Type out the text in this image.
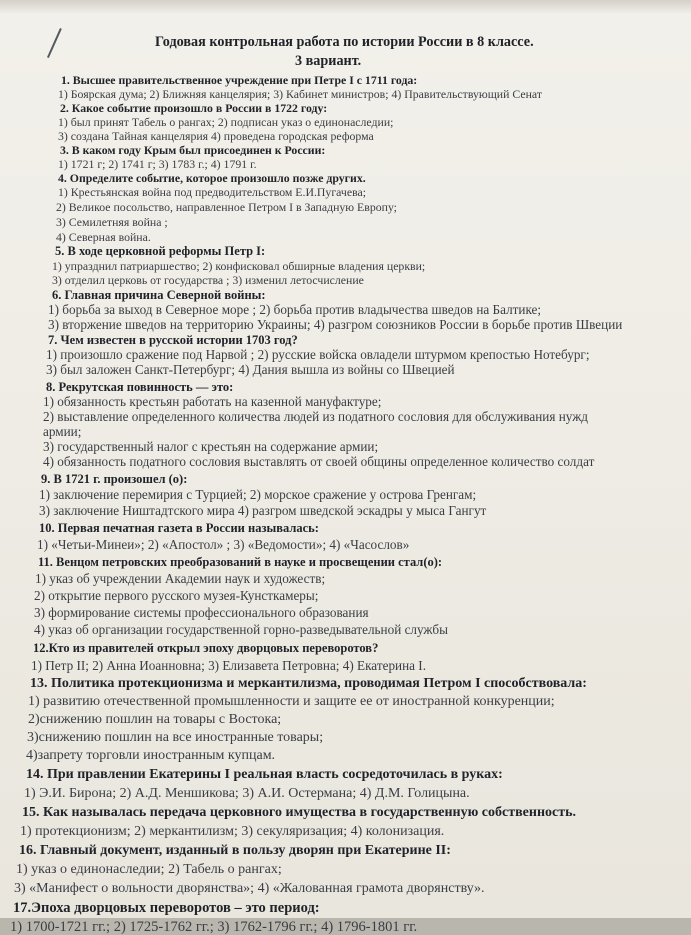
Годовая контрольная работа по истории России в 8 классе.
3 вариант.
1. Высшее правительственное учреждение при Петре I с 1711 года:
1) Боярская дума; 2) Ближняя канцелярия; 3) Кабинет министров; 4) Правительствующий Сенат
2. Какое событие произошло в России в 1722 году:
1) был принят Табель о рангах; 2) подписан указ о единонаследии;
3) создана Тайная канцелярия 4) проведена городская реформа
3. В каком году Крым был присоединен к России:
1) 1721 г; 2) 1741 г; 3) 1783 г.; 4) 1791 г.
4. Определите событие, которое произошло позже других.
1) Крестьянская война под предводительством Е.И.Пугачева;
2) Великое посольство, направленное Петром I в Западную Европу;
3) Семилетняя война ;
4) Северная война.
5. В ходе церковной реформы Петр I:
1) упразднил патриаршество; 2) конфисковал обширные владения церкви;
3) отделил церковь от государства ; 3) изменил летосчисление
6. Главная причина Северной войны:
1) борьба за выход в Северное море ; 2) борьба против владычества шведов на Балтике;
3) вторжение шведов на территорию Украины; 4) разгром союзников России в борьбе против Швеции
7. Чем известен в русской истории 1703 год?
1) произошло сражение под Нарвой ; 2) русские войска овладели штурмом крепостью Нотебург;
3) был заложен Санкт-Петербург; 4) Дания вышла из войны со Швецией
8. Рекрутская повинность — это:
1) обязанность крестьян работать на казенной мануфактуре;
2) выставление определенного количества людей из податного сословия для обслуживания нужд
армии;
3) государственный налог с крестьян на содержание армии;
4) обязанность податного сословия выставлять от своей общины определенное количество солдат
9. В 1721 г. произошел (о):
1) заключение перемирия с Турцией; 2) морское сражение у острова Гренгам;
3) заключение Ништадтского мира 4) разгром шведской эскадры у мыса Гангут
10. Первая печатная газета в России называлась:
1) «Четьи-Минеи»; 2) «Апостол» ; 3) «Ведомости»; 4) «Часослов»
11. Венцом петровских преобразований в науке и просвещении стал(о):
1) указ об учреждении Академии наук и художеств;
2) открытие первого русского музея-Кунсткамеры;
3) формирование системы профессионального образования
4) указ об организации государственной горно-разведывательной службы
12.Кто из правителей открыл эпоху дворцовых переворотов?
1) Петр II; 2) Анна Иоанновна; 3) Елизавета Петровна; 4) Екатерина I.
13. Политика протекционизма и меркантилизма, проводимая Петром I способствовала:
1) развитию отечественной промышленности и защите ее от иностранной конкуренции;
2)снижению пошлин на товары с Востока;
3)снижению пошлин на все иностранные товары;
4)запрету торговли иностранным купцам.
14. При правлении Екатерины I реальная власть сосредоточилась в руках:
1) Э.И. Бирона; 2) А.Д. Меншикова; 3) А.И. Остермана; 4) Д.М. Голицына.
15. Как называлась передача церковного имущества в государственную собственность.
1) протекционизм; 2) меркантилизм; 3) секуляризация; 4) колонизация.
16. Главный документ, изданный в пользу дворян при Екатерине II:
1) указ о единонаследии; 2) Табель о рангах;
3) «Манифест о вольности дворянства»; 4) «Жалованная грамота дворянству».
17.Эпоха дворцовых переворотов – это период:
1) 1700-1721 гг.; 2) 1725-1762 гг.; 3) 1762-1796 гг.; 4) 1796-1801 гг.
